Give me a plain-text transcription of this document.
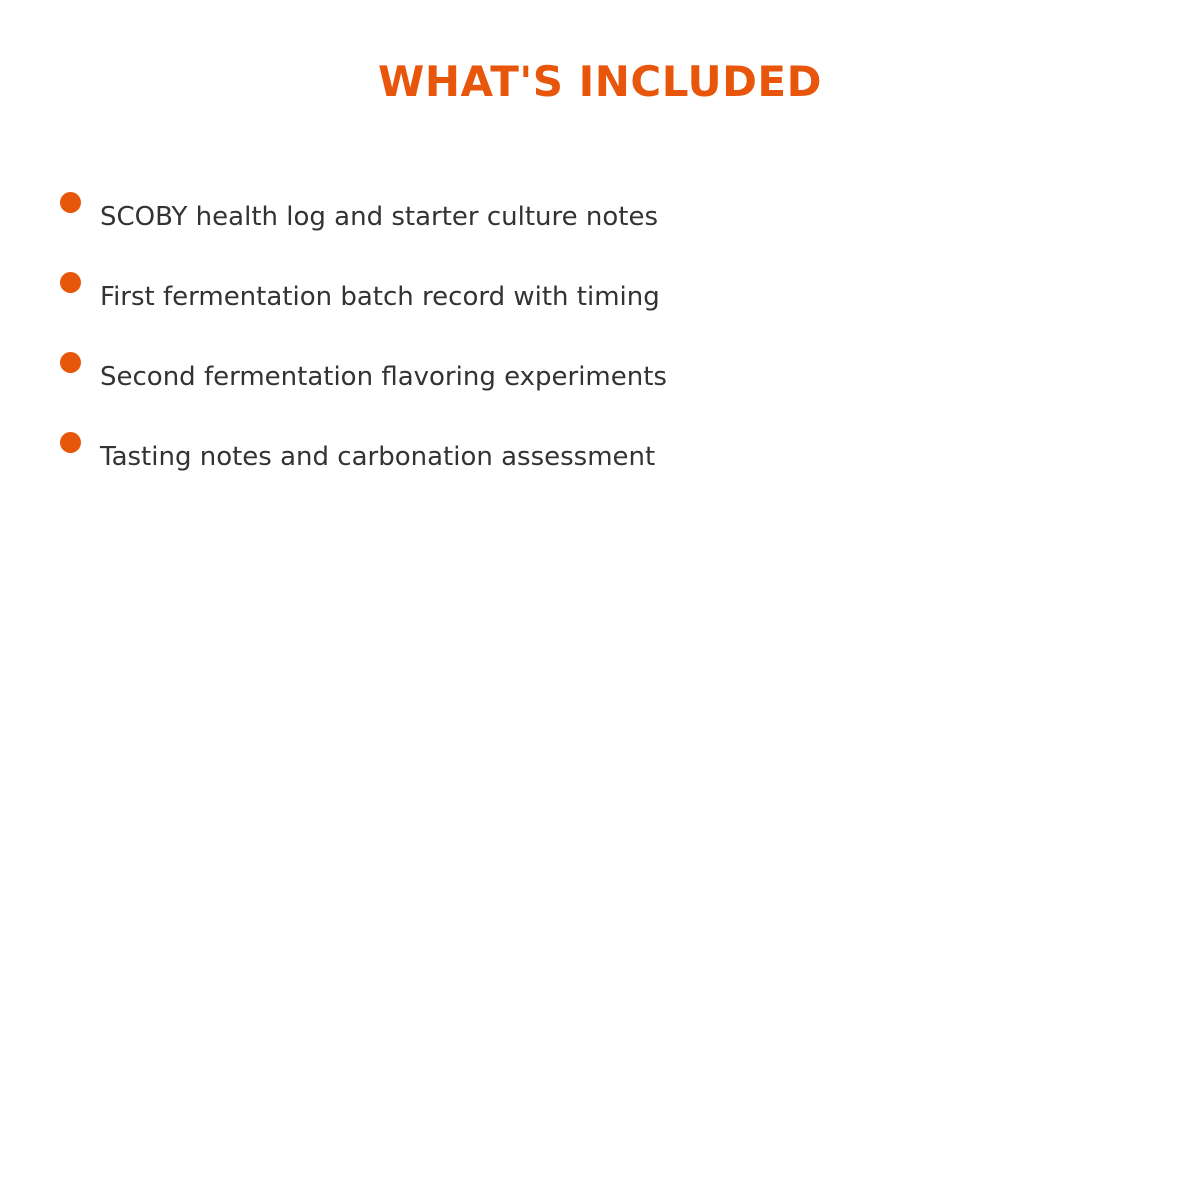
WHAT'S INCLUDED
SCOBY health log and starter culture notes
First fermentation batch record with timing
Second fermentation flavoring experiments
Tasting notes and carbonation assessment
